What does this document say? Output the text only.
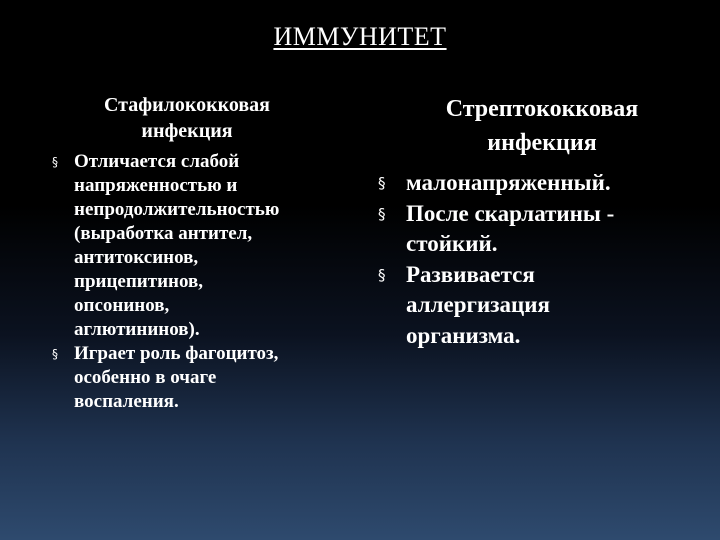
ИММУНИТЕТ
Стафилококковая
инфекция
§ Отличается слабой
напряженностью и
непродолжительностью
(выработка антител,
антитоксинов,
прицепитинов,
опсонинов,
аглютининов).
§ Играет роль фагоцитоз,
особенно в очаге
воспаления.
Стрептококковая
инфекция
§ малонапряженный.
§ После скарлатины -
стойкий.
§ Развивается
аллергизация
организма.
